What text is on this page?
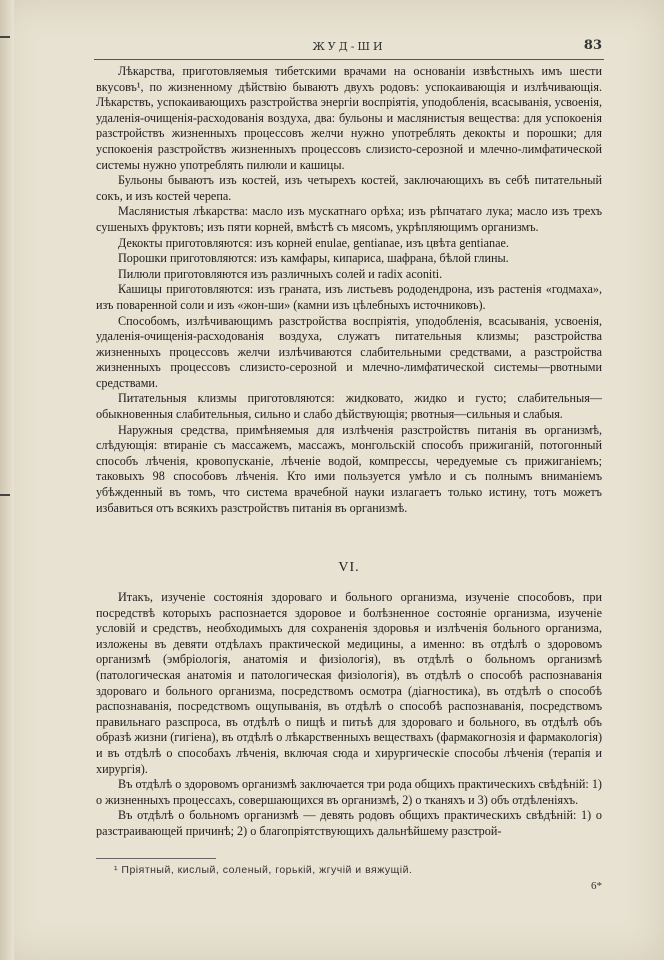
ЖУД-ШИ	83

Лѣкарства, приготовляемыя тибетскими врачами на основаніи извѣстныхъ имъ шести вкусовъ¹, по жизненному дѣйствію бываютъ двухъ родовъ: успокаивающія и излѣчивающія. Лѣкарствъ, успокаивающихъ разстройства энергіи воспріятія, уподобленія, всасыванія, усвоенія, удаленія-очищенія-расходованія воздуха, два: бульоны и маслянистыя вещества: для успокоенія разстройствъ жизненныхъ процессовъ желчи нужно употреблять декокты и порошки; для успокоенія разстройствъ жизненныхъ процессовъ слизисто-серозной и млечно-лимфатической системы нужно употреблять пилюли и кашицы.

Бульоны бываютъ изъ костей, изъ четырехъ костей, заключающихъ въ себѣ питательный сокъ, и изъ костей черепа.

Маслянистыя лѣкарства: масло изъ мускатнаго орѣха; изъ рѣпчатаго лука; масло изъ трехъ сушеныхъ фруктовъ; изъ пяти корней, вмѣстѣ съ мясомъ, укрѣпляющимъ организмъ.

Декокты приготовляются: изъ корней enulae, gentianae, изъ цвѣта gentianae.

Порошки приготовляются: изъ камфары, кипариса, шафрана, бѣлой глины.

Пилюли приготовляются изъ различныхъ солей и radix aconiti.

Кашицы приготовляются: изъ граната, изъ листьевъ рододендрона, изъ растенія «годмаха», изъ поваренной соли и изъ «жон-ши» (камни изъ цѣлебныхъ источниковъ).

Способомъ, излѣчивающимъ разстройства воспріятія, уподобленія, всасыванія, усвоенія, удаленія-очищенія-расходованія воздуха, служатъ питательныя клизмы; разстройства жизненныхъ процессовъ желчи излѣчиваются слабительными средствами, а разстройства жизненныхъ процессовъ слизисто-серозной и млечно-лимфатической системы—рвотными средствами.

Питательныя клизмы приготовляются: жидковато, жидко и густо; слабительныя—обыкновенныя слабительныя, сильно и слабо дѣйствующія; рвотныя—сильныя и слабыя.

Наружныя средства, примѣняемыя для излѣченія разстройствъ питанія въ организмѣ, слѣдующія: втираніе съ массажемъ, массажъ, монгольскій способъ прижиганій, потогонный способъ лѣченія, кровопусканіе, лѣченіе водой, компрессы, чередуемые съ прижиганіемъ; таковыхъ 98 способовъ лѣченія. Кто ими пользуется умѣло и съ полнымъ вниманіемъ убѣжденный въ томъ, что система врачебной науки излагаетъ только истину, тотъ можетъ избавиться отъ всякихъ разстройствъ питанія въ организмѣ.

VI.

Итакъ, изученіе состоянія здороваго и больного организма, изученіе способовъ, при посредствѣ которыхъ распознается здоровое и болѣзненное состояніе организма, изученіе условій и средствъ, необходимыхъ для сохраненія здоровья и излѣченія больного организма, изложены въ девяти отдѣлахъ практической медицины, а именно: въ отдѣлѣ о здоровомъ организмѣ (эмбріологія, анатомія и физіологія), въ отдѣлѣ о больномъ организмѣ (патологическая анатомія и патологическая физіологія), въ отдѣлѣ о способѣ распознаванія здороваго и больного организма, посредствомъ осмотра (діагностика), въ отдѣлѣ о способѣ распознаванія, посредствомъ ощупыванія, въ отдѣлѣ о способѣ распознаванія, посредствомъ правильнаго разспроса, въ отдѣлѣ о пищѣ и питьѣ для здороваго и больного, въ отдѣлѣ объ образѣ жизни (гигіена), въ отдѣлѣ о лѣкарственныхъ веществахъ (фармакогнозія и фармакологія) и въ отдѣлѣ о способахъ лѣченія, включая сюда и хирургическіе способы лѣченія (терапія и хирургія).

Въ отдѣлѣ о здоровомъ организмѣ заключается три рода общихъ практическихъ свѣдѣній: 1) о жизненныхъ процессахъ, совершающихся въ организмѣ, 2) о тканяхъ и 3) объ отдѣленіяхъ.

Въ отдѣлѣ о больномъ организмѣ — девять родовъ общихъ практическихъ свѣдѣній: 1) о разстраивающей причинѣ; 2) о благопріятствующихъ дальнѣйшему разстрой-

¹ Пріятный, кислый, соленый, горькій, жгучій и вяжущій.
6*
